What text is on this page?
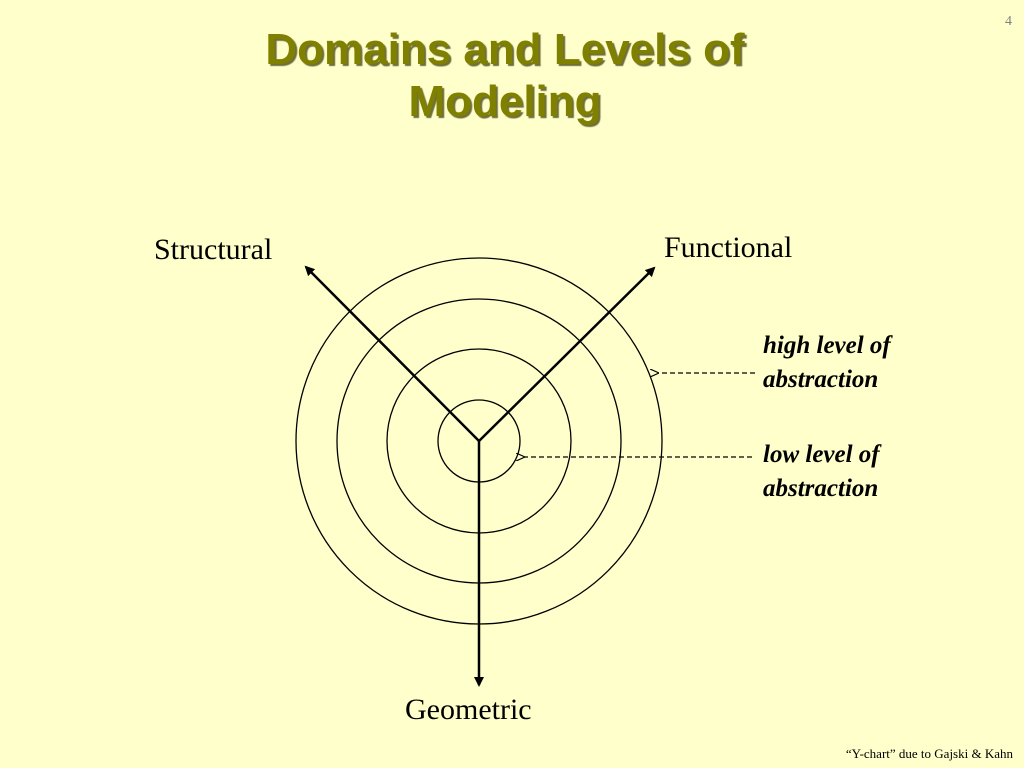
4
Domains and Levels of
Modeling
Structural	Functional
Geometric
high level of
abstraction
low level of
abstraction
“Y-chart” due to Gajski & Kahn
